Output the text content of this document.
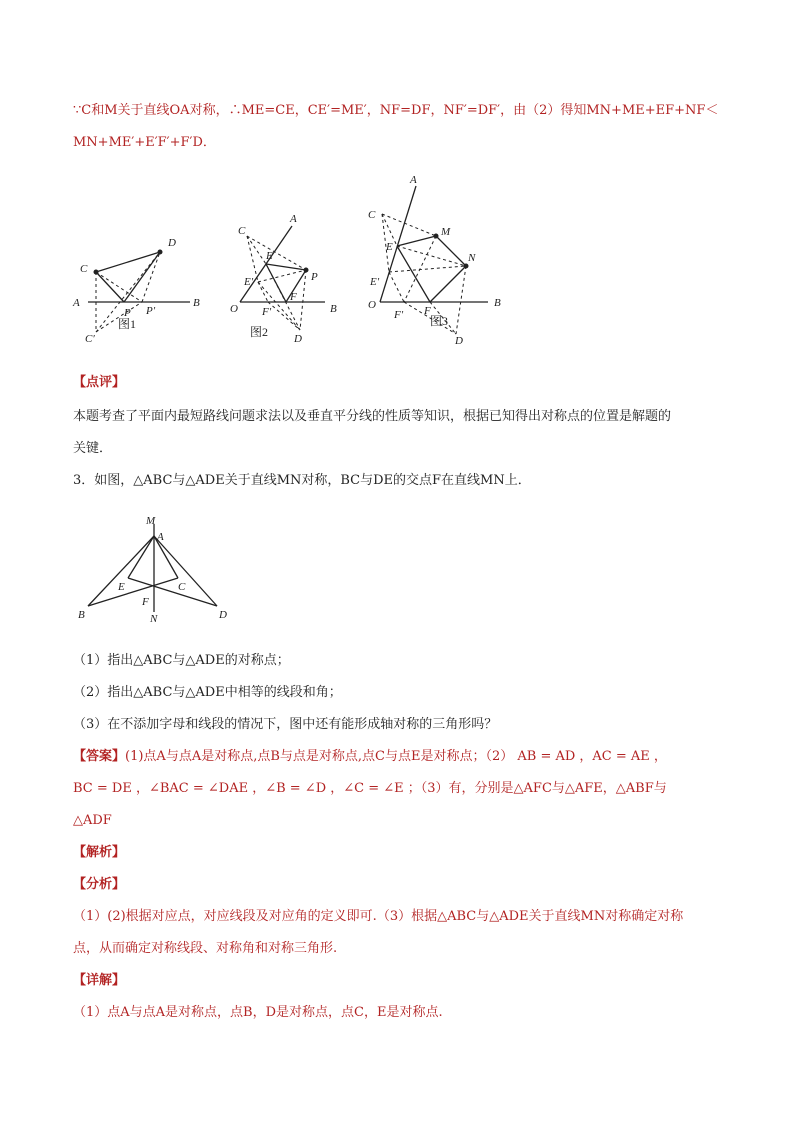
∵C和M关于直线OA对称，∴ME=CE，CE′=ME′，NF=DF，NF′=DF′，由（2）得知MN+ME+EF+NF＜
MN+ME′+E′F′+F′D．
C
D
A	B
P P′
C′
图1
A
C
E
E′	P
O
F
F′	B
D
图2
A
C
M
E
N
E′
O
F′ F
B
D
图3
【点评】
本题考查了平面内最短路线问题求法以及垂直平分线的性质等知识，根据已知得出对称点的位置是解题的
关键．
3．如图，△ABC与△ADE关于直线MN对称，BC与DE的交点F在直线MN上．
M
A
E	C
B
F
D
N
（1）指出△ABC与△ADE的对称点；
（2）指出△ABC与△ADE中相等的线段和角；
（3）在不添加字母和线段的情况下，图中还有能形成轴对称的三角形吗？
【答案】(1)点A与点A是对称点,点B与点是对称点,点C与点E是对称点；（2） AB = AD ，AC = AE ，
BC = DE ，∠BAC = ∠DAE ，∠B = ∠D ，∠C = ∠E ；（3）有，分别是△AFC与△AFE，△ABF与
△ADF
【解析】
【分析】
（1）(2)根据对应点，对应线段及对应角的定义即可.（3）根据△ABC与△ADE关于直线MN对称确定对称
点，从而确定对称线段、对称角和对称三角形.
【详解】
（1）点A与点A是对称点，点B，D是对称点，点C，E是对称点.
